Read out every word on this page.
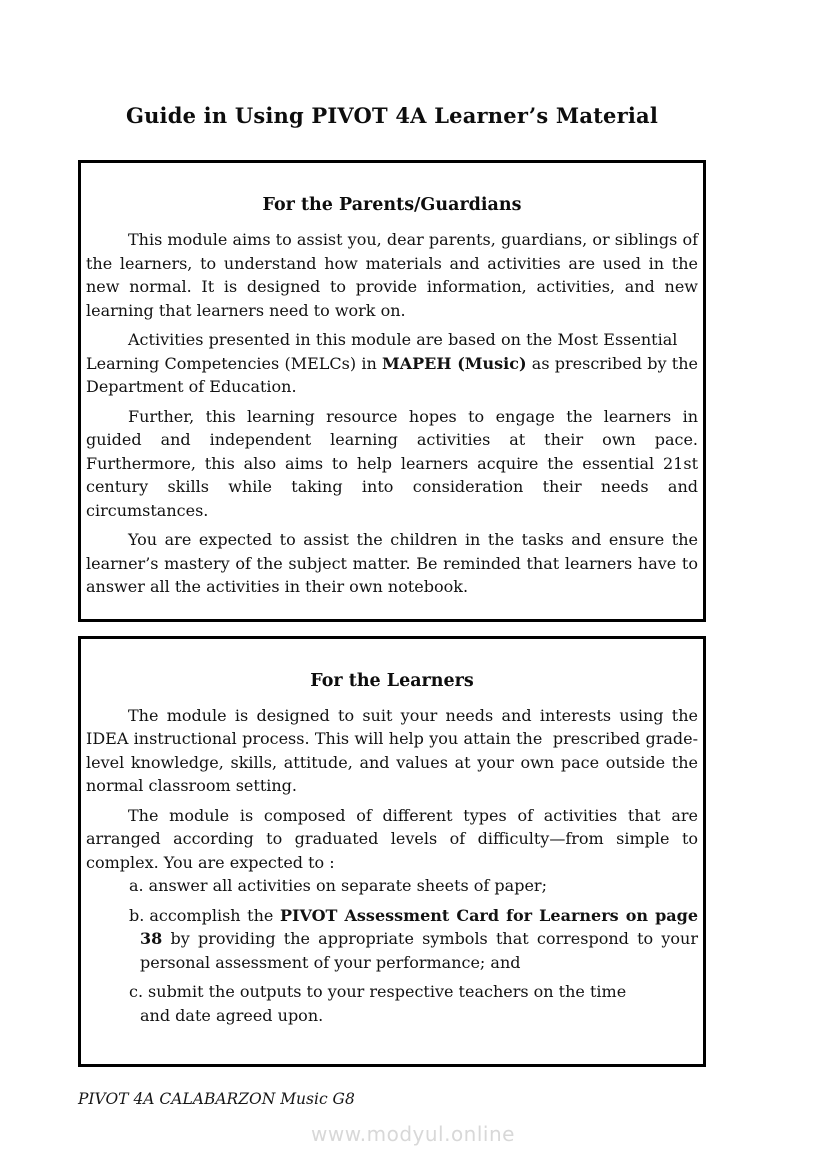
Guide in Using PIVOT 4A Learner’s Material
For the Parents/Guardians

This module aims to assist you, dear parents, guardians, or siblings of the learners, to understand how materials and activities are used in the new normal. It is designed to provide information, activities, and new learning that learners need to work on.

Activities presented in this module are based on the Most Essential     Learning Competencies (MELCs) in MAPEH (Music) as prescribed by the Department of Education.

Further, this learning resource hopes to engage the learners in guided and independent learning activities at their own pace. Furthermore, this also aims to help learners acquire the essential 21st century skills while taking into consideration their needs and circumstances.

You are expected to assist the children in the tasks and ensure the learner’s mastery of the subject matter. Be reminded that learners have to answer all the activities in their own notebook.

For the Learners

The module is designed to suit your needs and interests using the IDEA instructional process. This will help you attain the  prescribed grade-level knowledge, skills, attitude, and values at your own pace outside the normal classroom setting.

The module is composed of different types of activities that are arranged according to graduated levels of difficulty—from simple to complex. You are expected to :

a. answer all activities on separate sheets of paper;
b. accomplish the PIVOT Assessment Card for Learners on page 38 by providing the appropriate symbols that correspond to your personal assessment of your performance; and
c. submit the outputs to your respective teachers on the time
and date agreed upon.
PIVOT 4A CALABARZON Music G8
www.modyul.online
